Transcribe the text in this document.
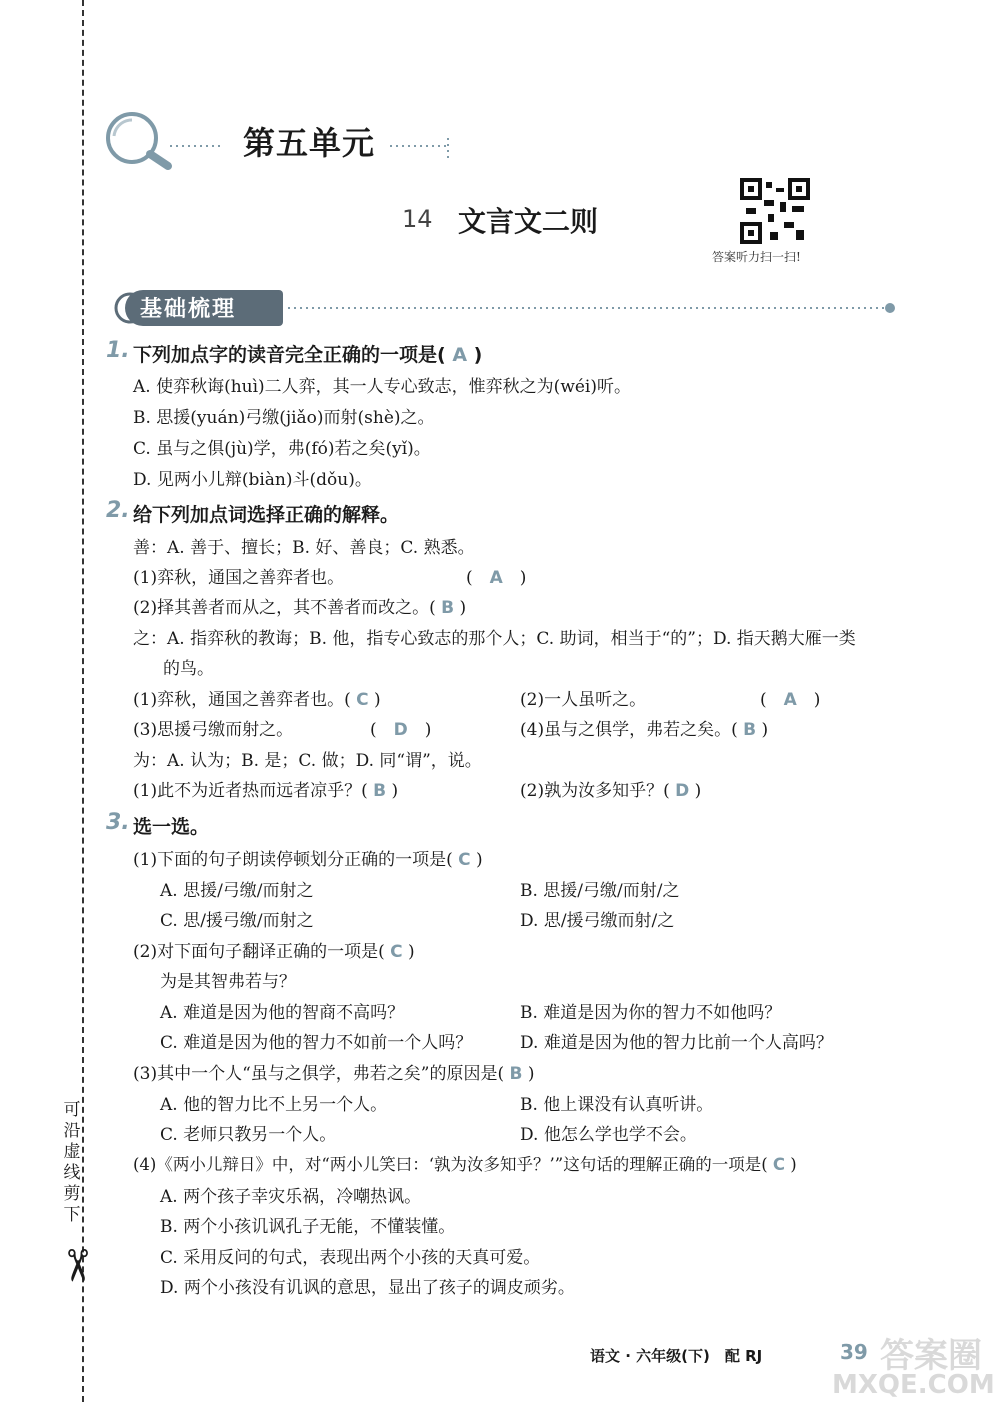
可沿虚线剪下
✂
第五单元
14 文言文二则
答案听力扫一扫!
基础梳理
1. 下列加点字的读音完全正确的一项是( A )
A. 使弈秋诲(huì)二人弈，其一人专心致志，惟弈秋之为(wéi)听。
B. 思援(yuán)弓缴(jiǎo)而射(shè)之。
C. 虽与之俱(jù)学，弗(fó)若之矣(yǐ)。
D. 见两小儿辩(biàn)斗(dǒu)。
2. 给下列加点词选择正确的解释。
善：A. 善于、擅长；B. 好、善良；C. 熟悉。
(1)弈秋，通国之善弈者也。	(　A　)
(2)择其善者而从之，其不善者而改之。( B )
之：A. 指弈秋的教诲；B. 他，指专心致志的那个人；C. 助词，相当于“的”；D. 指天鹅大雁一类
的鸟。
(1)弈秋，通国之善弈者也。( C )	(2)一人虽听之。	(　A　)
(3)思援弓缴而射之。	(　D　)	(4)虽与之俱学，弗若之矣。( B )
为：A. 认为；B. 是；C. 做；D. 同“谓”，说。
(1)此不为近者热而远者凉乎？( B )	(2)孰为汝多知乎？( D )
3. 选一选。
(1)下面的句子朗读停顿划分正确的一项是( C )
A. 思援/弓缴/而射之	B. 思援/弓缴/而射/之
C. 思/援弓缴/而射之	D. 思/援弓缴而射/之
(2)对下面句子翻译正确的一项是( C )
为是其智弗若与？
A. 难道是因为他的智商不高吗？	B. 难道是因为你的智力不如他吗？
C. 难道是因为他的智力不如前一个人吗？	D. 难道是因为他的智力比前一个人高吗？
(3)其中一个人“虽与之俱学，弗若之矣”的原因是( B )
A. 他的智力比不上另一个人。	B. 他上课没有认真听讲。
C. 老师只教另一个人。	D. 他怎么学也学不会。
(4)《两小儿辩日》中，对“两小儿笑曰：‘孰为汝多知乎？’”这句话的理解正确的一项是( C )
A. 两个孩子幸灾乐祸，冷嘲热讽。
B. 两个小孩讥讽孔子无能，不懂装懂。
C. 采用反问的句式，表现出两个小孩的天真可爱。
D. 两个小孩没有讥讽的意思，显出了孩子的调皮顽劣。
语文 · 六年级(下)　配 RJ	39 答案圈
MXQE.COM
